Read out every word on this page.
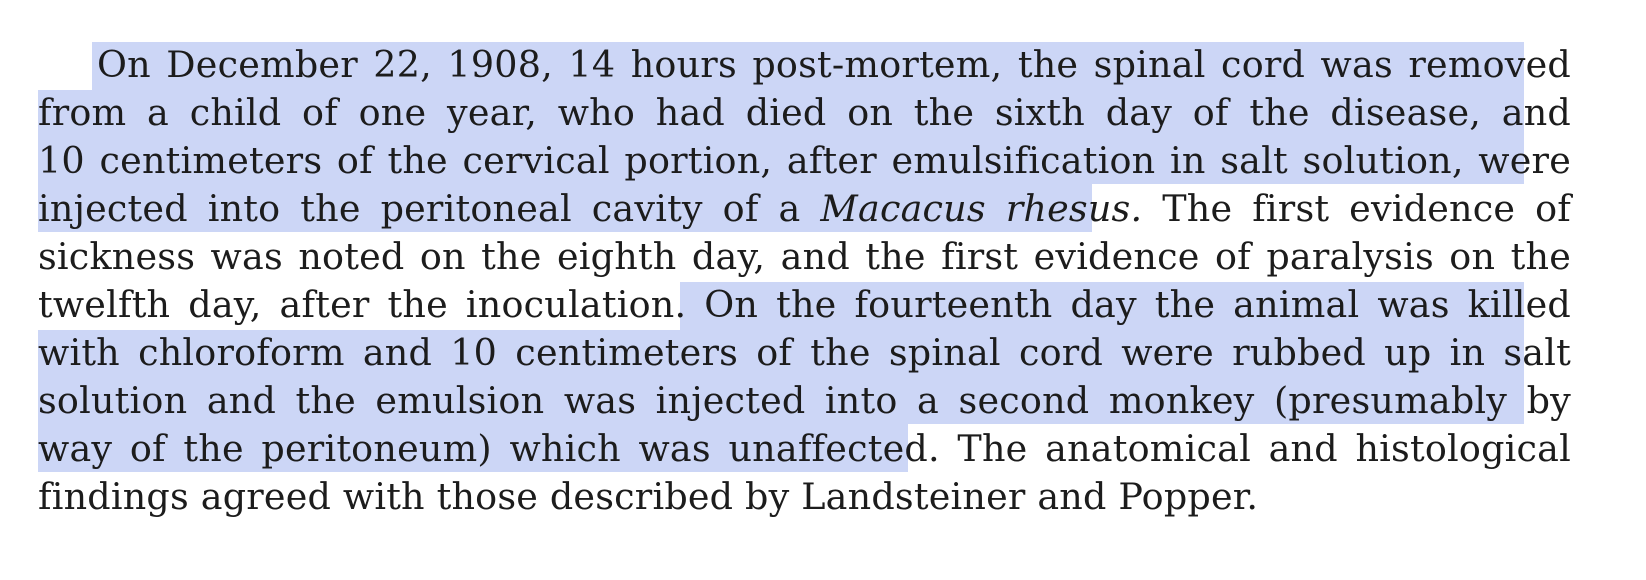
On December 22, 1908, 14 hours post-mortem, the spinal cord was removed
from a child of one year, who had died on the sixth day of the disease, and
10 centimeters of the cervical portion, after emulsification in salt solution, were
injected into the peritoneal cavity of a Macacus rhesus. The first evidence of
sickness was noted on the eighth day, and the first evidence of paralysis on the
twelfth day, after the inoculation. On the fourteenth day the animal was killed
with chloroform and 10 centimeters of the spinal cord were rubbed up in salt
solution and the emulsion was injected into a second monkey (presumably by
way of the peritoneum) which was unaffected. The anatomical and histological
findings agreed with those described by Landsteiner and Popper.
